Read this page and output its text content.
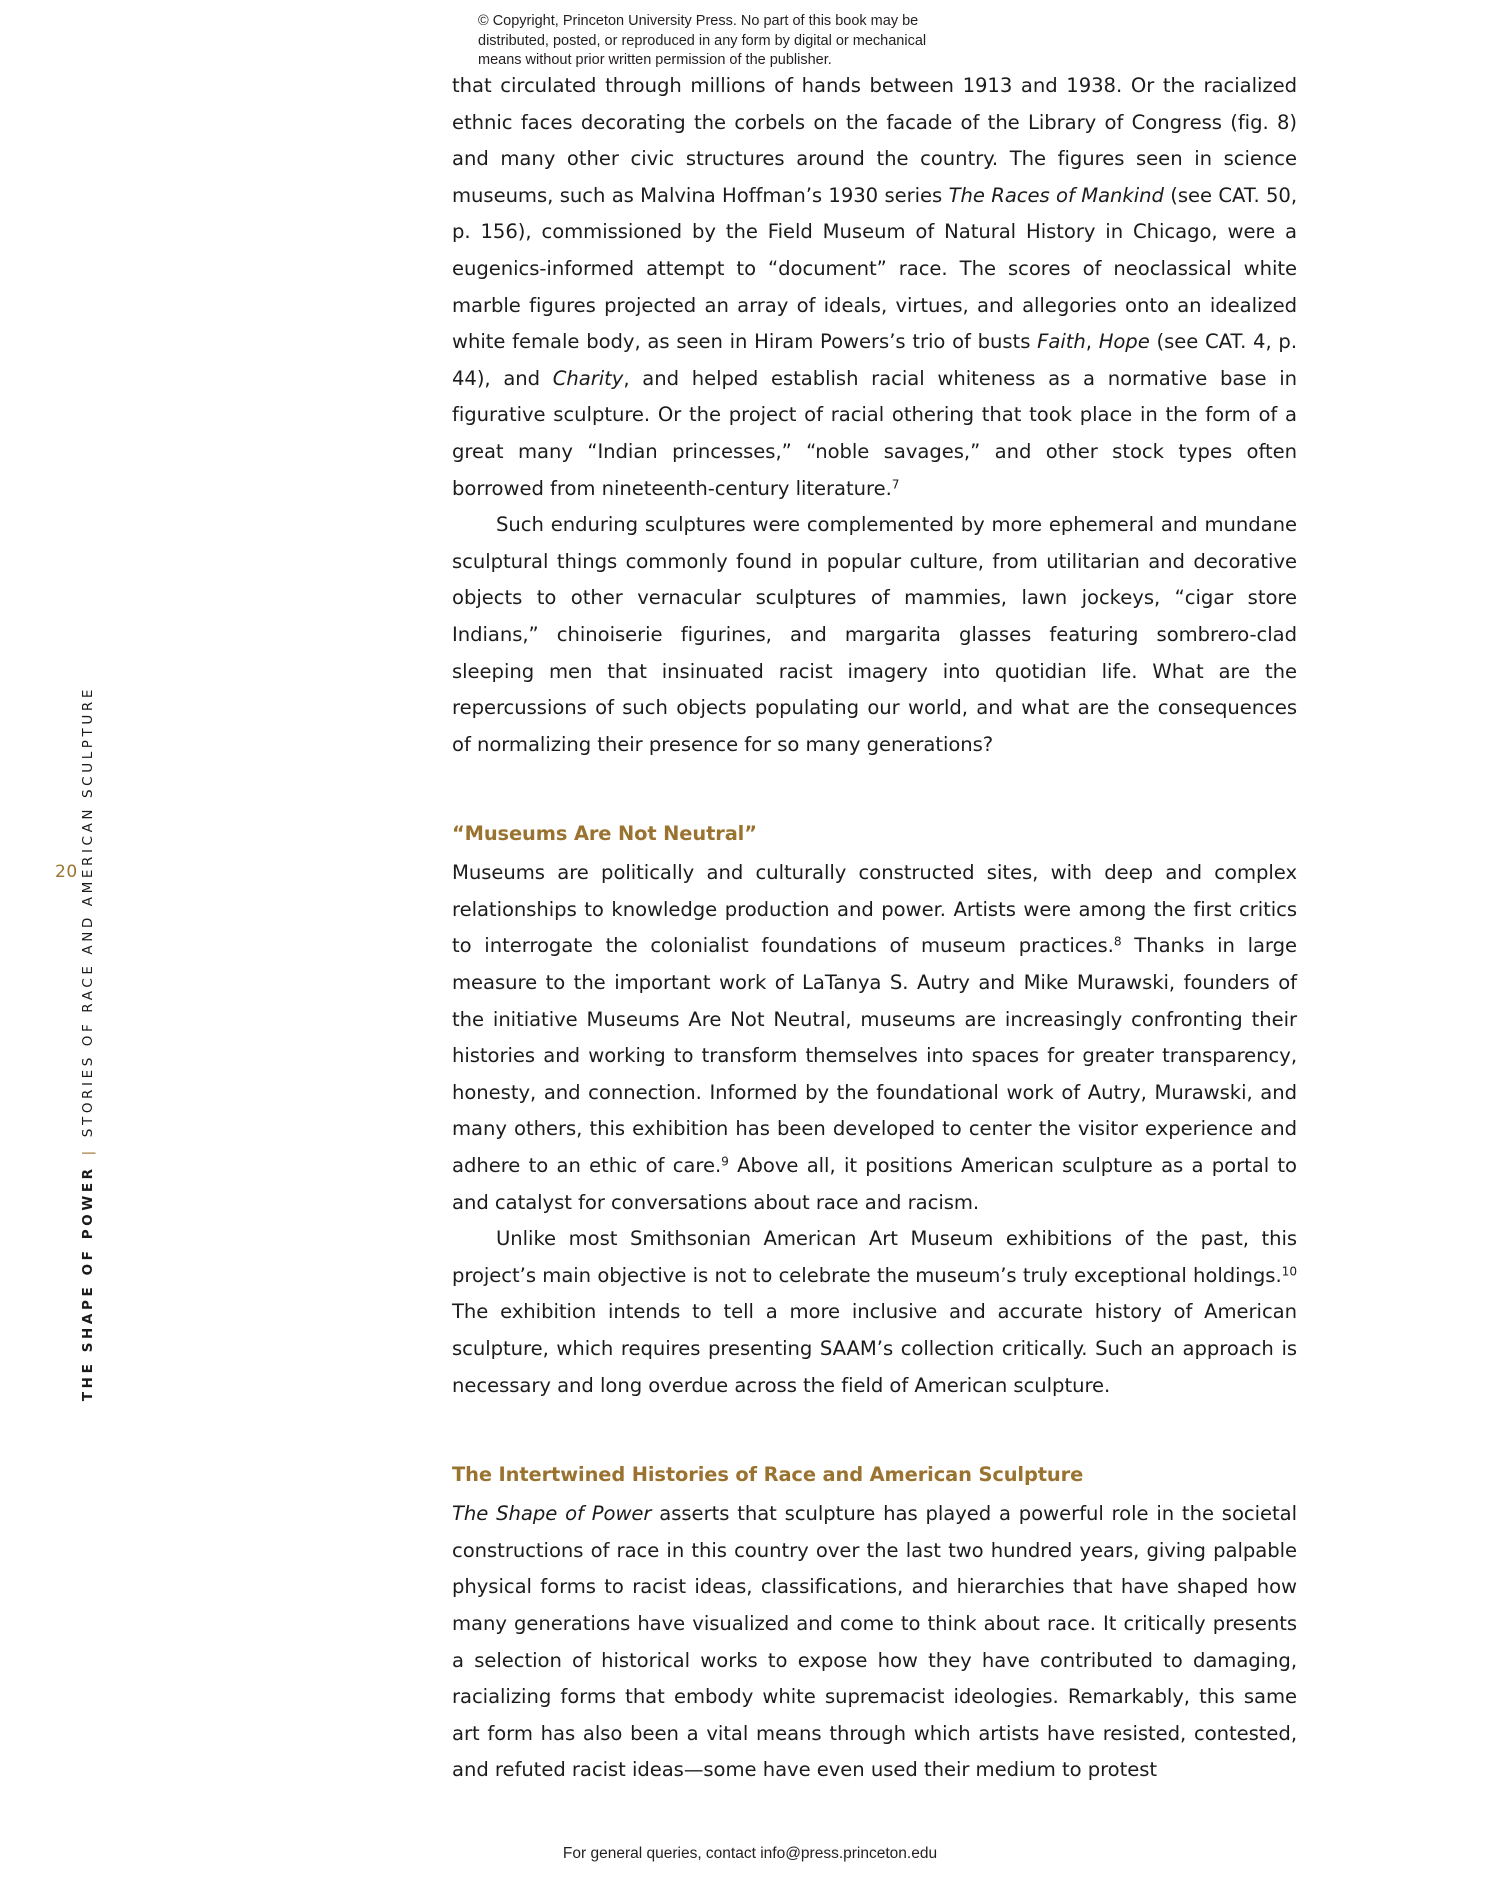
© Copyright, Princeton University Press. No part of this book may be
distributed, posted, or reproduced in any form by digital or mechanical
means without prior written permission of the publisher.
20
THE SHAPE OF POWER|STORIES OF RACE AND AMERICAN SCULPTURE

that circulated through millions of hands between 1913 and 1938. Or the racialized ethnic faces decorating the corbels on the facade of the Library of Congress (fig. 8) and many other civic structures around the country. The figures seen in science museums, such as Malvina Hoffman’s 1930 series The Races of Mankind (see CAT. 50, p. 156), commissioned by the Field Museum of Natural History in Chicago, were a eugenics-informed attempt to “document” race. The scores of neoclassical white marble figures projected an array of ideals, virtues, and allegories onto an idealized white female body, as seen in Hiram Powers’s trio of busts Faith, Hope (see CAT. 4, p. 44), and Charity, and helped establish racial whiteness as a normative base in figurative sculpture. Or the project of racial othering that took place in the form of a great many “Indian princesses,” “noble savages,” and other stock types often borrowed from nineteenth-century literature.$^7$

Such enduring sculptures were complemented by more ephemeral and mundane sculptural things commonly found in popular culture, from utilitarian and decorative objects to other vernacular sculptures of mammies, lawn jockeys, “cigar store Indians,” chinoiserie figurines, and margarita glasses featuring sombrero-clad sleeping men that insinuated racist imagery into quotidian life. What are the repercussions of such objects populating our world, and what are the consequences of normalizing their presence for so many generations?

“Museums Are Not Neutral”

Museums are politically and culturally constructed sites, with deep and complex relationships to knowledge production and power. Artists were among the first critics to interrogate the colonialist foundations of museum practices.$^8$ Thanks in large measure to the important work of LaTanya S. Autry and Mike Murawski, founders of the initiative Museums Are Not Neutral, museums are increasingly confronting their histories and working to transform themselves into spaces for greater transparency, honesty, and connection. Informed by the foundational work of Autry, Murawski, and many others, this exhibition has been developed to center the visitor experience and adhere to an ethic of care.$^9$ Above all, it positions American sculpture as a portal to and catalyst for conversations about race and racism.

Unlike most Smithsonian American Art Museum exhibitions of the past, this project’s main objective is not to celebrate the museum’s truly exceptional holdings.$^{10}$ The exhibition intends to tell a more inclusive and accurate history of American sculpture, which requires presenting SAAM’s collection critically. Such an approach is necessary and long overdue across the field of American sculpture.

The Intertwined Histories of Race and American Sculpture

The Shape of Power asserts that sculpture has played a powerful role in the societal constructions of race in this country over the last two hundred years, giving palpable physical forms to racist ideas, classifications, and hierarchies that have shaped how many generations have visualized and come to think about race. It critically presents a selection of historical works to expose how they have contributed to damaging, racializing forms that embody white supremacist ideologies. Remarkably, this same art form has also been a vital means through which artists have resisted, contested, and refuted racist ideas—some have even used their medium to protest

For general queries, contact info@press.princeton.edu
